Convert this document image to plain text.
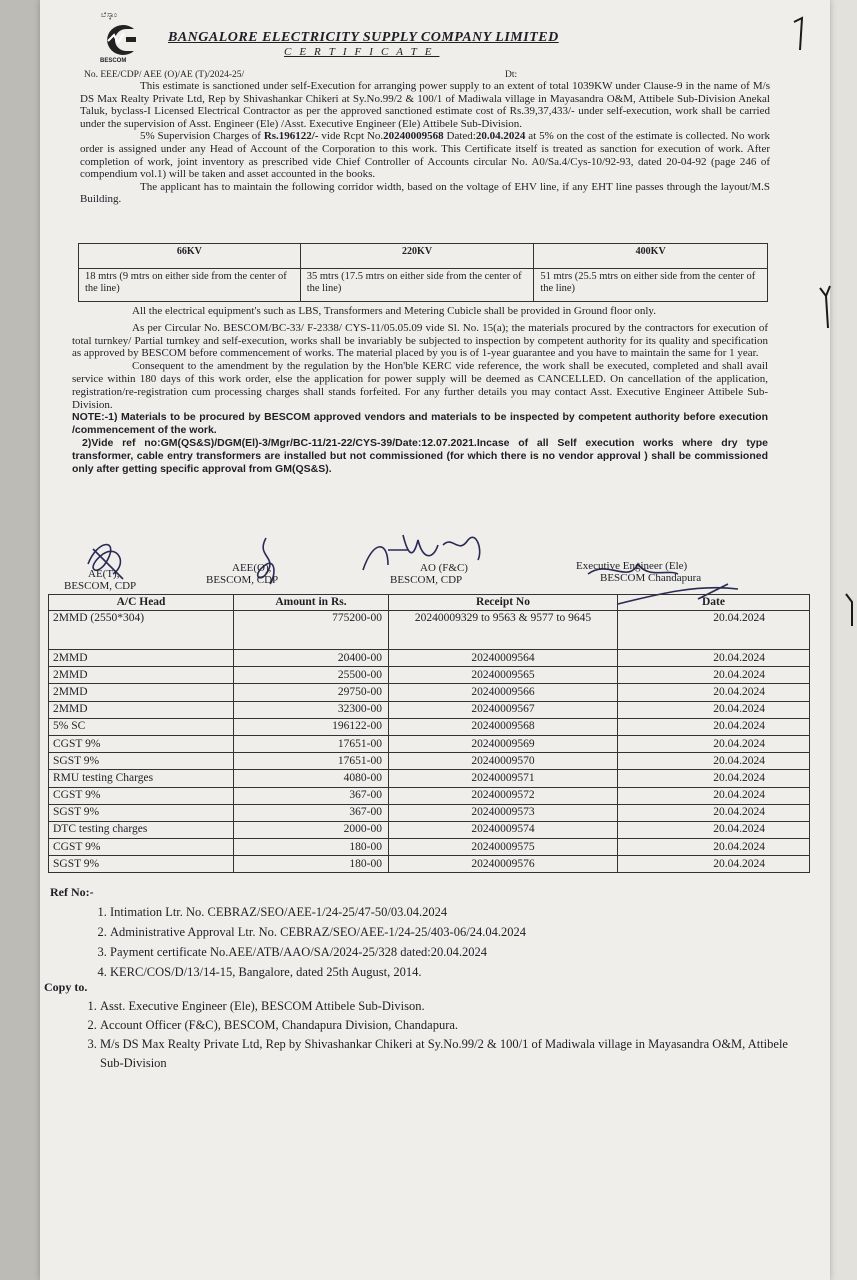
ಬೆಸ್ಕಾಂ
BESCOM
BANGALORE ELECTRICITY SUPPLY COMPANY LIMITED
CERTIFICATE
No. EEE/CDP/ AEE (O)/AE (T)/2024-25/	Dt:

This estimate is sanctioned under self-Execution for arranging power supply to an extent of total 1039KW under Clause-9 in the name of M/s DS Max Realty Private Ltd, Rep by Shivashankar Chikeri at Sy.No.99/2 & 100/1 of Madiwala village in Mayasandra O&M, Attibele Sub-Division Anekal Taluk, byclass-I Licensed Electrical Contractor as per the approved sanctioned estimate cost of Rs.39,37,433/- under self-execution, work shall be carried under the supervision of Asst. Engineer (Ele) /Asst. Executive Engineer (Ele) Attibele Sub-Division.

5% Supervision Charges of Rs.196122/- vide Rcpt No.20240009568 Dated:20.04.2024 at 5% on the cost of the estimate is collected. No work order is assigned under any Head of Account of the Corporation to this work. This Certificate itself is treated as sanction for execution of work. After completion of work, joint inventory as prescribed vide Chief Controller of Accounts circular No. A0/Sa.4/Cys-10/92-93, dated 20-04-92 (page 246 of compendium vol.1) will be taken and asset accounted in the books.

The applicant has to maintain the following corridor width, based on the voltage of EHV line, if any EHT line passes through the layout/M.S Building.

66KV	220KV	400KV
18 mtrs (9 mtrs on either side from the center of the line)	35 mtrs (17.5 mtrs on either side from the center of the line)	51 mtrs (25.5 mtrs on either side from the center of the line)

All the electrical equipment's such as LBS, Transformers and Metering Cubicle shall be provided in Ground floor only.

As per Circular No. BESCOM/BC-33/ F-2338/ CYS-11/05.05.09 vide Sl. No. 15(a); the materials procured by the contractors for execution of total turnkey/ Partial turnkey and self-execution, works shall be invariably be subjected to inspection by competent authority for its quality and specification as approved by BESCOM before commencement of works. The material placed by you is of 1-year guarantee and you have to maintain the same for 1 year.

Consequent to the amendment by the regulation by the Hon'ble KERC vide reference, the work shall be executed, completed and shall avail service within 180 days of this work order, else the application for power supply will be deemed as CANCELLED. On cancellation of the application, registration/re-registration cum processing charges shall stands forfeited. For any further details you may contact Asst. Executive Engineer Attibele Sub-Division.

NOTE:-1) Materials to be procured by BESCOM approved vendors and materials to be inspected by competent authority before execution /commencement of the work.

2)Vide ref no:GM(QS&S)/DGM(El)-3/Mgr/BC-11/21-22/CYS-39/Date:12.07.2021.Incase of all Self execution works where dry type transformer, cable entry transformers are installed but not commissioned (for which there is no vendor approval ) shall be commissioned only after getting specific approval from GM(QS&S).

AE(T),
BESCOM, CDP
AEE(O),
BESCOM, CDP
AO (F&C)
BESCOM, CDP
Executive Engineer (Ele)
BESCOM Chandapura
A/C Head	Amount in Rs.	Receipt No	Date
2MMD (2550*304)	775200-00	20240009329 to 9563 & 9577 to 9645	20.04.2024
2MMD	20400-00	20240009564	20.04.2024
2MMD	25500-00	20240009565	20.04.2024
2MMD	29750-00	20240009566	20.04.2024
2MMD	32300-00	20240009567	20.04.2024
5% SC	196122-00	20240009568	20.04.2024
CGST 9%	17651-00	20240009569	20.04.2024
SGST 9%	17651-00	20240009570	20.04.2024
RMU testing Charges	4080-00	20240009571	20.04.2024
CGST 9%	367-00	20240009572	20.04.2024
SGST 9%	367-00	20240009573	20.04.2024
DTC testing charges	2000-00	20240009574	20.04.2024
CGST 9%	180-00	20240009575	20.04.2024
SGST 9%	180-00	20240009576	20.04.2024
Ref No:-
1. Intimation Ltr. No. CEBRAZ/SEO/AEE-1/24-25/47-50/03.04.2024
2. Administrative Approval Ltr. No. CEBRAZ/SEO/AEE-1/24-25/403-06/24.04.2024
3. Payment certificate No.AEE/ATB/AAO/SA/2024-25/328 dated:20.04.2024
4. KERC/COS/D/13/14-15, Bangalore, dated 25th August, 2014.
Copy to.
1. Asst. Executive Engineer (Ele), BESCOM Attibele Sub-Divison.
2. Account Officer (F&C), BESCOM, Chandapura Division, Chandapura.
3. M/s DS Max Realty Private Ltd, Rep by Shivashankar Chikeri at Sy.No.99/2 & 100/1 of Madiwala village in Mayasandra O&M, Attibele Sub-Division
